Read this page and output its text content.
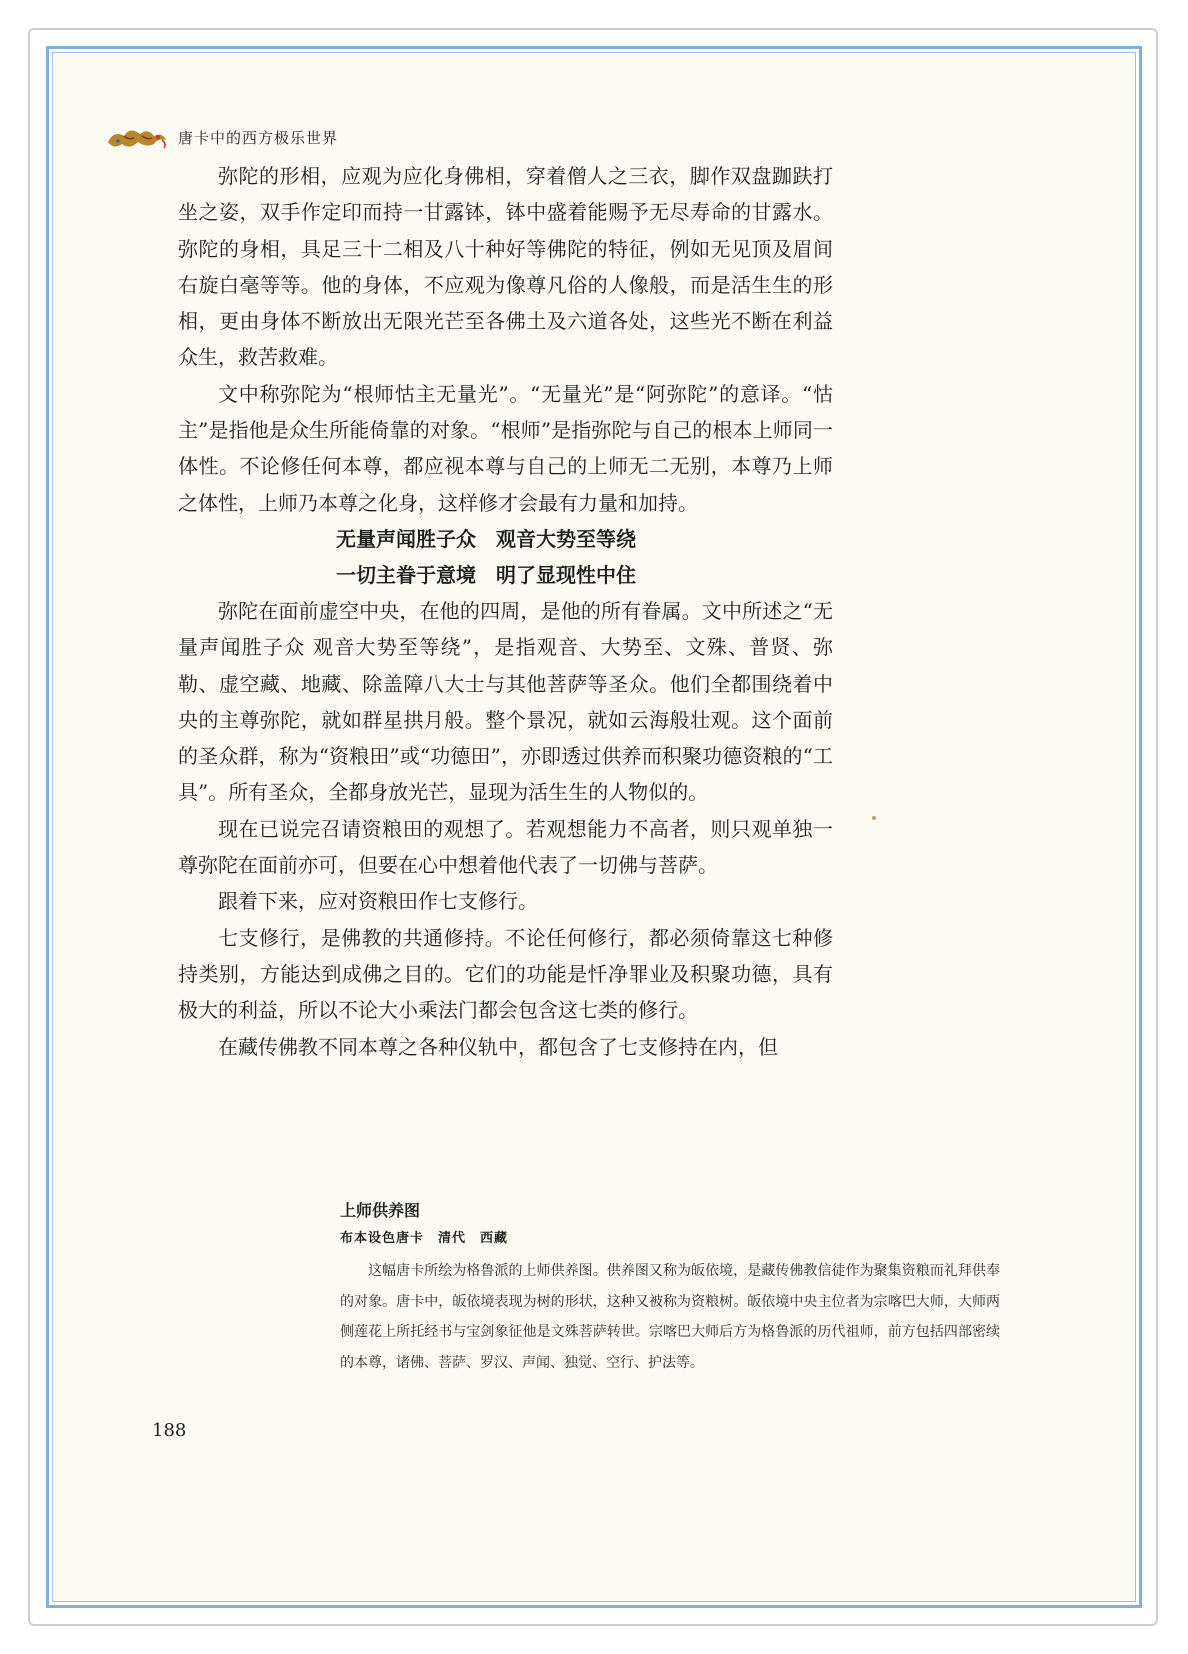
唐卡中的西方极乐世界

弥陀的形相，应观为应化身佛相，穿着僧人之三衣，脚作双盘跏趺打坐之姿，双手作定印而持一甘露钵，钵中盛着能赐予无尽寿命的甘露水。弥陀的身相，具足三十二相及八十种好等佛陀的特征，例如无见顶及眉间右旋白毫等等。他的身体，不应观为像尊凡俗的人像般，而是活生生的形相，更由身体不断放出无限光芒至各佛土及六道各处，这些光不断在利益众生，救苦救难。

文中称弥陀为“根师怙主无量光”。“无量光”是“阿弥陀”的意译。“怙主”是指他是众生所能倚靠的对象。“根师”是指弥陀与自己的根本上师同一体性。不论修任何本尊，都应视本尊与自己的上师无二无别，本尊乃上师之体性，上师乃本尊之化身，这样修才会最有力量和加持。

无量声闻胜子众　观音大势至等绕

一切主眷于意境　明了显现性中住

弥陀在面前虚空中央，在他的四周，是他的所有眷属。文中所述之“无量声闻胜子众 观音大势至等绕”，是指观音、大势至、文殊、普贤、弥勒、虚空藏、地藏、除盖障八大士与其他菩萨等圣众。他们全都围绕着中央的主尊弥陀，就如群星拱月般。整个景况，就如云海般壮观。这个面前的圣众群，称为“资粮田”或“功德田”，亦即透过供养而积聚功德资粮的“工具”。所有圣众，全都身放光芒，显现为活生生的人物似的。

现在已说完召请资粮田的观想了。若观想能力不高者，则只观单独一尊弥陀在面前亦可，但要在心中想着他代表了一切佛与菩萨。

跟着下来，应对资粮田作七支修行。

七支修行，是佛教的共通修持。不论任何修行，都必须倚靠这七种修持类别，方能达到成佛之目的。它们的功能是忏净罪业及积聚功德，具有极大的利益，所以不论大小乘法门都会包含这七类的修行。

在藏传佛教不同本尊之各种仪轨中，都包含了七支修持在内，但

上师供养图
布本设色唐卡　清代　西藏

这幅唐卡所绘为格鲁派的上师供养图。供养图又称为皈依境，是藏传佛教信徒作为聚集资粮而礼拜供奉的对象。唐卡中，皈依境表现为树的形状，这种又被称为资粮树。皈依境中央主位者为宗喀巴大师，大师两侧莲花上所托经书与宝剑象征他是文殊菩萨转世。宗喀巴大师后方为格鲁派的历代祖师，前方包括四部密续的本尊，诸佛、菩萨、罗汉、声闻、独觉、空行、护法等。

188
